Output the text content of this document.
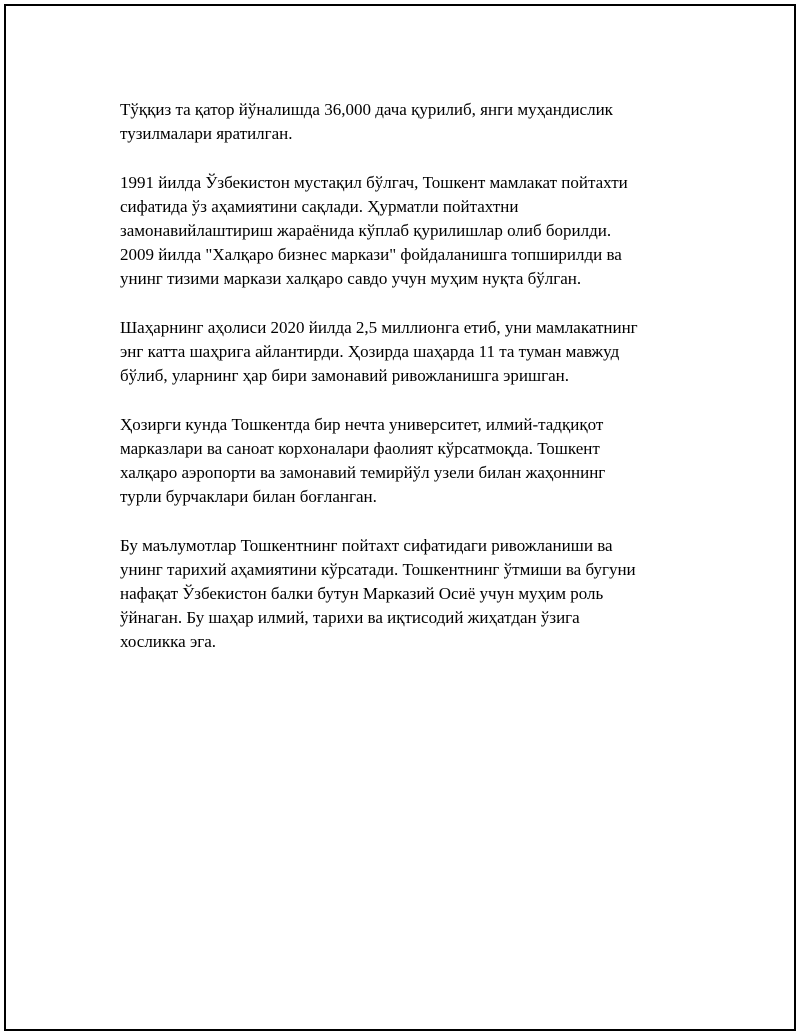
Тўққиз та қатор йўналишда 36,000 дача қурилиб, янги муҳандислик
тузилмалари яратилган.

1991 йилда Ўзбекистон мустақил бўлгач, Тошкент мамлакат пойтахти
сифатида ўз аҳамиятини сақлади. Ҳурматли пойтахтни
замонавийлаштириш жараёнида кўплаб қурилишлар олиб борилди.
2009 йилда "Халқаро бизнес маркази" фойдаланишга топширилди ва
унинг тизими маркази халқаро савдо учун муҳим нуқта бўлган.

Шаҳарнинг аҳолиси 2020 йилда 2,5 миллионга етиб, уни мамлакатнинг
энг катта шаҳрига айлантирди. Ҳозирда шаҳарда 11 та туман мавжуд
бўлиб, уларнинг ҳар бири замонавий ривожланишга эришган.

Ҳозирги кунда Тошкентда бир нечта университет, илмий-тадқиқот
марказлари ва саноат корхоналари фаолият кўрсатмоқда. Тошкент
халқаро аэропорти ва замонавий темирйўл узели билан жаҳоннинг
турли бурчаклари билан боғланган.

Бу маълумотлар Тошкентнинг пойтахт сифатидаги ривожланиши ва
унинг тарихий аҳамиятини кўрсатади. Тошкентнинг ўтмиши ва бугуни
нафақат Ўзбекистон балки бутун Марказий Осиё учун муҳим роль
ўйнаган. Бу шаҳар илмий, тарихи ва иқтисодий жиҳатдан ўзига
хосликка эга.
